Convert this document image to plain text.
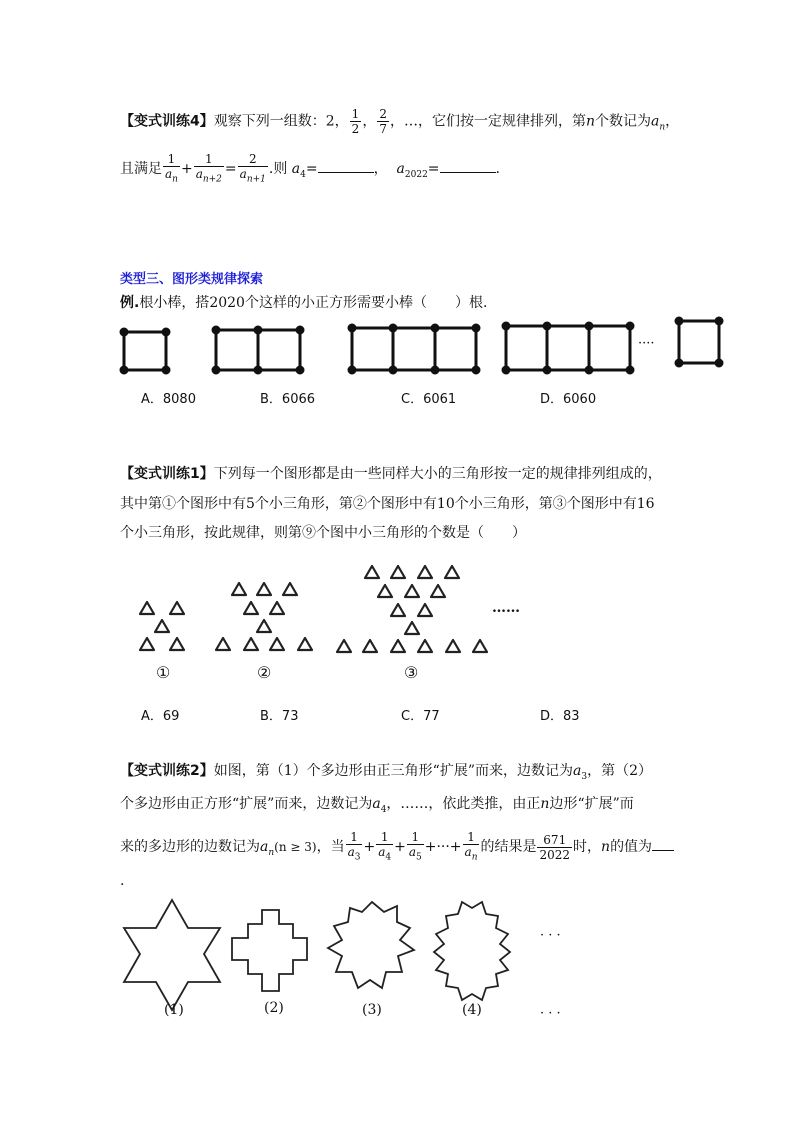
【变式训练4】观察下列一组数：2， $\frac{1}{2}$ ， $\frac{2}{7}$ ，…，它们按一定规律排列，第n个数记为$a_n$，
且满足 $\frac{1}{a_n} + \frac{1}{a_{n+2}} = \frac{2}{a_{n+1}}$ .则 $a_4=$	， $a_{2022}=$	.
类型三、图形类规律探索
例.根小棒，搭2020个这样的小正方形需要小棒（　　）根.
····
A．8080	B．6066	C．6061	D．6060
【变式训练1】下列每一个图形都是由一些同样大小的三角形按一定的规律排列组成的，
其中第①个图形中有5个小三角形，第②个图形中有10个小三角形，第③个图形中有16
个小三角形，按此规律，则第⑨个图中小三角形的个数是（　　）
……
①	②	③
A．69	B．73	C．77	D．83
【变式训练2】如图，第（1）个多边形由正三角形“扩展”而来，边数记为$a_3$，第（2）
个多边形由正方形“扩展”而来，边数记为$a_4$，……，依此类推，由正n边形“扩展”而
来的多边形的边数记为$a_n(n \ge 3)$，当 $\frac{1}{a_3} + \frac{1}{a_4} + \frac{1}{a_5}$ +···+ $\frac{1}{a_n}$ 的结果是 $\frac{671}{2022}$ 时，n的值为
.
· · ·
(1)	(2)	(3)	(4)	· · ·
